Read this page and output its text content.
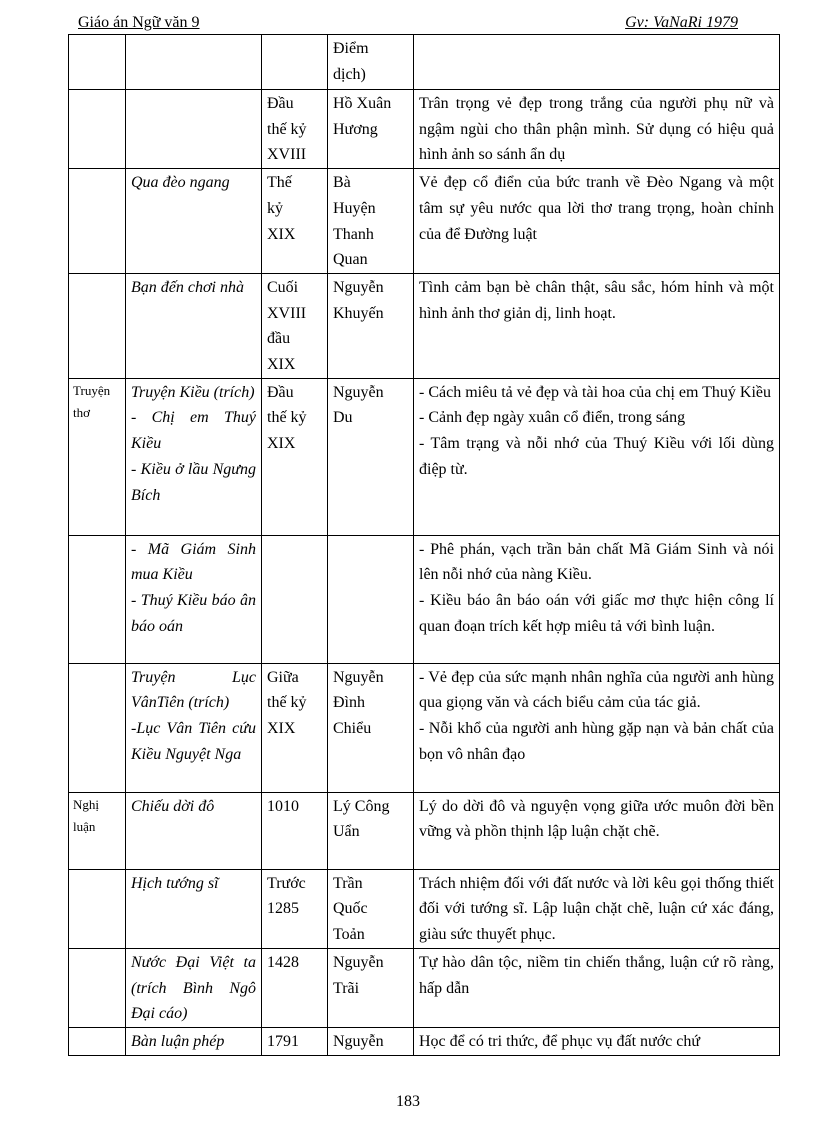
Giáo án Ngữ văn 9	Gv: VaNaRi 1979

			Điểm
dịch)	

		Đầu
thế kỷ
XVIII	Hồ Xuân
Hương	Trân trọng vẻ đẹp trong trắng của người phụ nữ và ngậm ngùi cho thân phận mình. Sử dụng có hiệu quả hình ảnh so sánh ẩn dụ

	Qua đèo ngang	Thế
kỷ
XIX	Bà
Huyện
Thanh
Quan	Vẻ đẹp cổ điển của bức tranh về Đèo Ngang và một tâm sự yêu nước qua lời thơ trang trọng, hoàn chỉnh của để Đường luật

	Bạn đến chơi nhà	Cuối
XVIII
đầu
XIX	Nguyễn
Khuyến	Tình cảm bạn bè chân thật, sâu sắc, hóm hỉnh và một hình ảnh thơ giản dị, linh hoạt.

Truyện thơ	Truyện Kiều (trích)
- Chị em Thuý Kiều
- Kiều ở lầu Ngưng Bích	Đầu
thế kỷ
XIX	Nguyễn
Du	- Cách miêu tả vẻ đẹp và tài hoa của chị em Thuý Kiều
- Cảnh đẹp ngày xuân cổ điển, trong sáng
- Tâm trạng và nỗi nhớ của Thuý Kiều với lối dùng điệp từ.

	- Mã Giám Sinh mua Kiều
- Thuý Kiều báo ân báo oán			- Phê phán, vạch trần bản chất Mã Giám Sinh và nói lên nỗi nhớ của nàng Kiều.
- Kiều báo ân báo oán với giấc mơ thực hiện công lí quan đoạn trích kết hợp miêu tả với bình luận.

	Truyện Lục VânTiên (trích)
-Lục Vân Tiên cứu Kiều Nguyệt Nga	Giữa
thế kỷ
XIX	Nguyễn
Đình
Chiểu	- Vẻ đẹp của sức mạnh nhân nghĩa của người anh hùng qua giọng văn và cách biểu cảm của tác giả.
- Nỗi khổ của người anh hùng gặp nạn và bản chất của bọn vô nhân đạo

Nghị luận	Chiếu dời đô	1010	Lý Công
Uẩn	Lý do dời đô và nguyện vọng giữa ước muôn đời bền vững và phồn thịnh lập luận chặt chẽ.

	Hịch tướng sĩ	Trước
1285	Trần
Quốc
Toản	Trách nhiệm đối với đất nước và lời kêu gọi thống thiết đối với tướng sĩ. Lập luận chặt chẽ, luận cứ xác đáng, giàu sức thuyết phục.

	Nước Đại Việt ta (trích Bình Ngô Đại cáo)	1428	Nguyễn
Trãi	Tự hào dân tộc, niềm tin chiến thắng, luận cứ rõ ràng, hấp dẫn

	Bàn luận phép	1791	Nguyễn	Học để có tri thức, để phục vụ đất nước chứ
183
